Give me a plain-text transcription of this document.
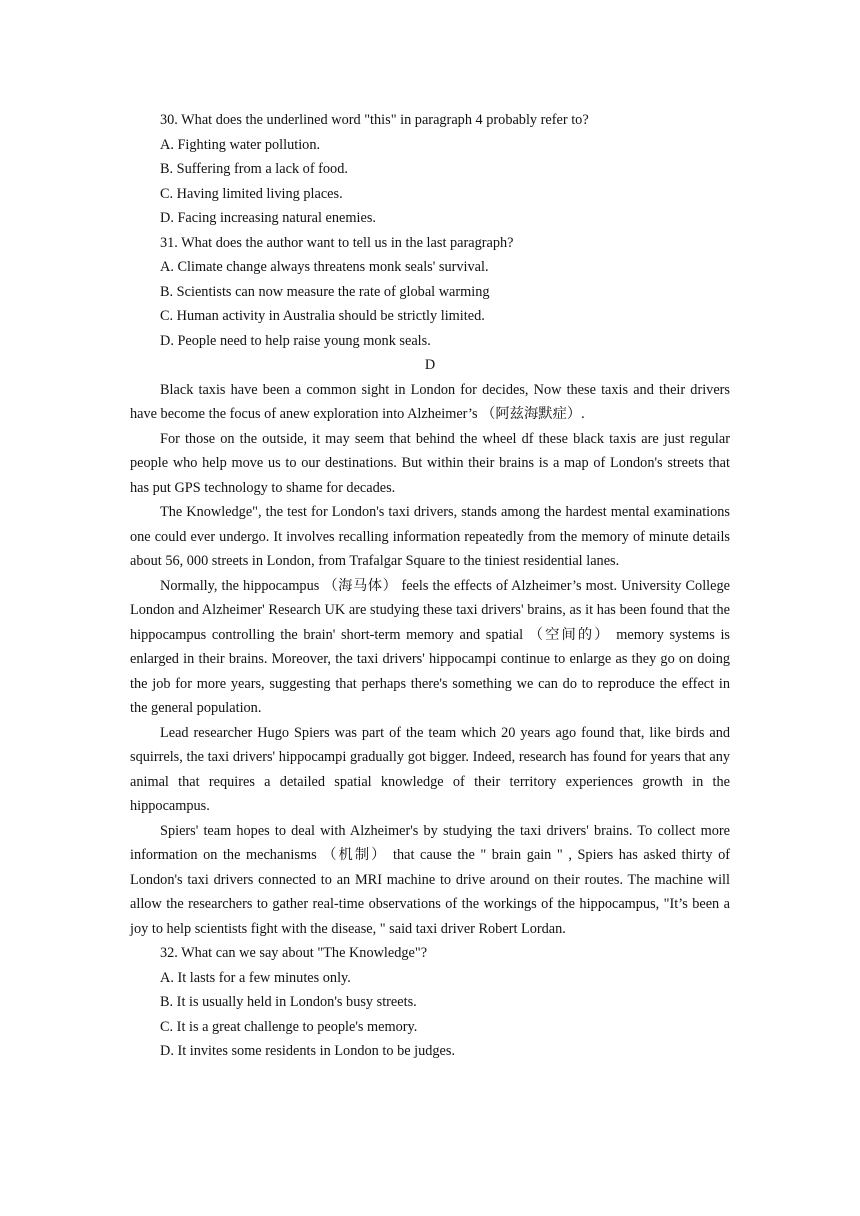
30. What does the underlined word "this" in paragraph 4 probably refer to?

A. Fighting water pollution.

B. Suffering from a lack of food.

C. Having limited living places.

D. Facing increasing natural enemies.

31. What does the author want to tell us in the last paragraph?

A. Climate change always threatens monk seals' survival.

B. Scientists can now measure the rate of global warming

C. Human activity in Australia should be strictly limited.

D. People need to help raise young monk seals.

D

Black taxis have been a common sight in London for decides, Now these taxis and their drivers have become the focus of anew exploration into Alzheimer’s （阿兹海默症）.

For those on the outside, it may seem that behind the wheel df these black taxis are just regular people who help move us to our destinations. But within their brains is a map of London's streets that has put GPS technology to shame for decades.

The Knowledge", the test for London's taxi drivers, stands among the hardest mental examinations one could ever undergo. It involves recalling information repeatedly from the memory of minute details about 56, 000 streets in London, from Trafalgar Square to the tiniest residential lanes.

Normally, the hippocampus （海马体） feels the effects of Alzheimer’s most. University College London and Alzheimer' Research UK are studying these taxi drivers' brains, as it has been found that the hippocampus controlling the brain' short-term memory and spatial （空间的） memory systems is enlarged in their brains. Moreover, the taxi drivers' hippocampi continue to enlarge as they go on doing the job for more years, suggesting that perhaps there's something we can do to reproduce the effect in the general population.

Lead researcher Hugo Spiers was part of the team which 20 years ago found that, like birds and squirrels, the taxi drivers' hippocampi gradually got bigger. Indeed, research has found for years that any animal that requires a detailed spatial knowledge of their territory experiences growth in the hippocampus.

Spiers' team hopes to deal with Alzheimer's by studying the taxi drivers' brains. To collect more information on the mechanisms （机制） that cause the " brain gain " , Spiers has asked thirty of London's taxi drivers connected to an MRI machine to drive around on their routes. The machine will allow the researchers to gather real-time observations of the workings of the hippocampus, "It’s been a joy to help scientists fight with the disease, " said taxi driver Robert Lordan.

32. What can we say about "The Knowledge"?

A. It lasts for a few minutes only.

B. It is usually held in London's busy streets.

C. It is a great challenge to people's memory.

D. It invites some residents in London to be judges.
